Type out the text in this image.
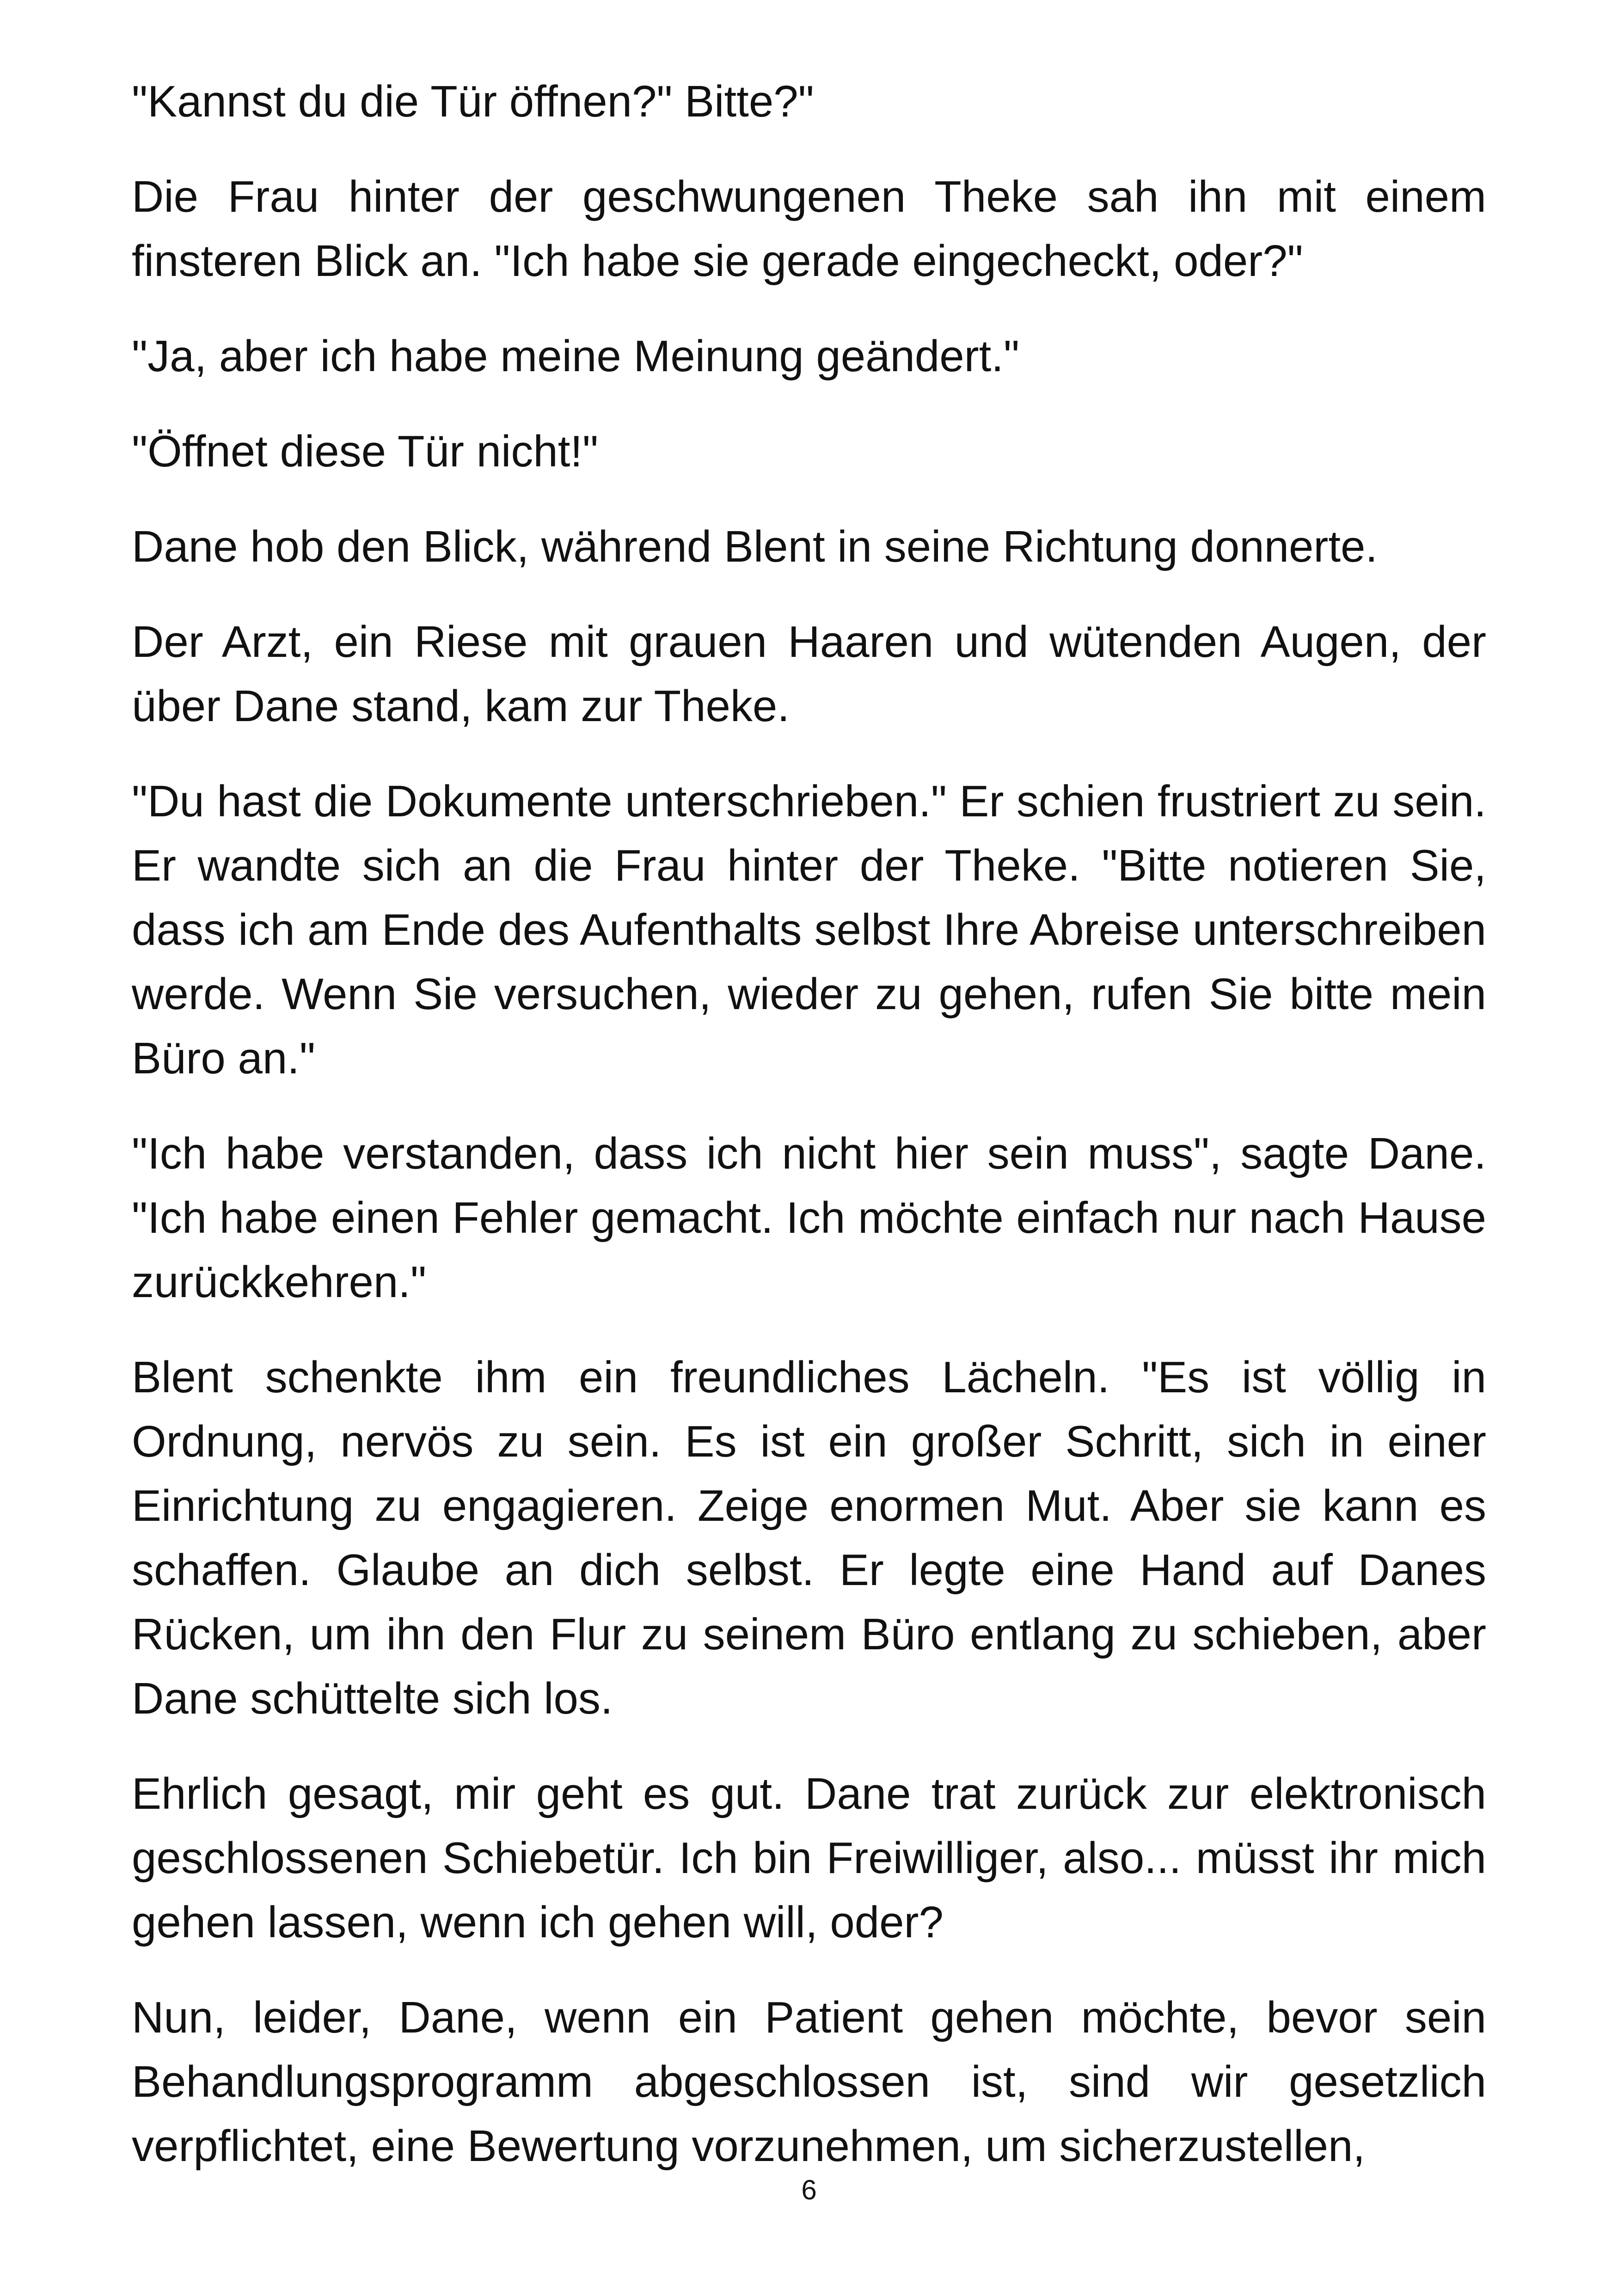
"Kannst du die Tür öffnen?" Bitte?"

Die Frau hinter der geschwungenen Theke sah ihn mit einem finsteren Blick an. "Ich habe sie gerade eingecheckt, oder?"

"Ja, aber ich habe meine Meinung geändert."

"Öffnet diese Tür nicht!"

Dane hob den Blick, während Blent in seine Richtung donnerte.

Der Arzt, ein Riese mit grauen Haaren und wütenden Augen, der über Dane stand, kam zur Theke.

"Du hast die Dokumente unterschrieben." Er schien frustriert zu sein. Er wandte sich an die Frau hinter der Theke. "Bitte notieren Sie, dass ich am Ende des Aufenthalts selbst Ihre Abreise unterschreiben werde. Wenn Sie versuchen, wieder zu gehen, rufen Sie bitte mein Büro an."

"Ich habe verstanden, dass ich nicht hier sein muss", sagte Dane. "Ich habe einen Fehler gemacht. Ich möchte einfach nur nach Hause zurückkehren."

Blent schenkte ihm ein freundliches Lächeln. "Es ist völlig in Ordnung, nervös zu sein. Es ist ein großer Schritt, sich in einer Einrichtung zu engagieren. Zeige enormen Mut. Aber sie kann es schaffen. Glaube an dich selbst. Er legte eine Hand auf Danes Rücken, um ihn den Flur zu seinem Büro entlang zu schieben, aber Dane schüttelte sich los.

Ehrlich gesagt, mir geht es gut. Dane trat zurück zur elektronisch geschlossenen Schiebetür. Ich bin Freiwilliger, also... müsst ihr mich gehen lassen, wenn ich gehen will, oder?

Nun, leider, Dane, wenn ein Patient gehen möchte, bevor sein Behandlungsprogramm abgeschlossen ist, sind wir gesetzlich verpflichtet, eine Bewertung vorzunehmen, um sicherzustellen,

6
